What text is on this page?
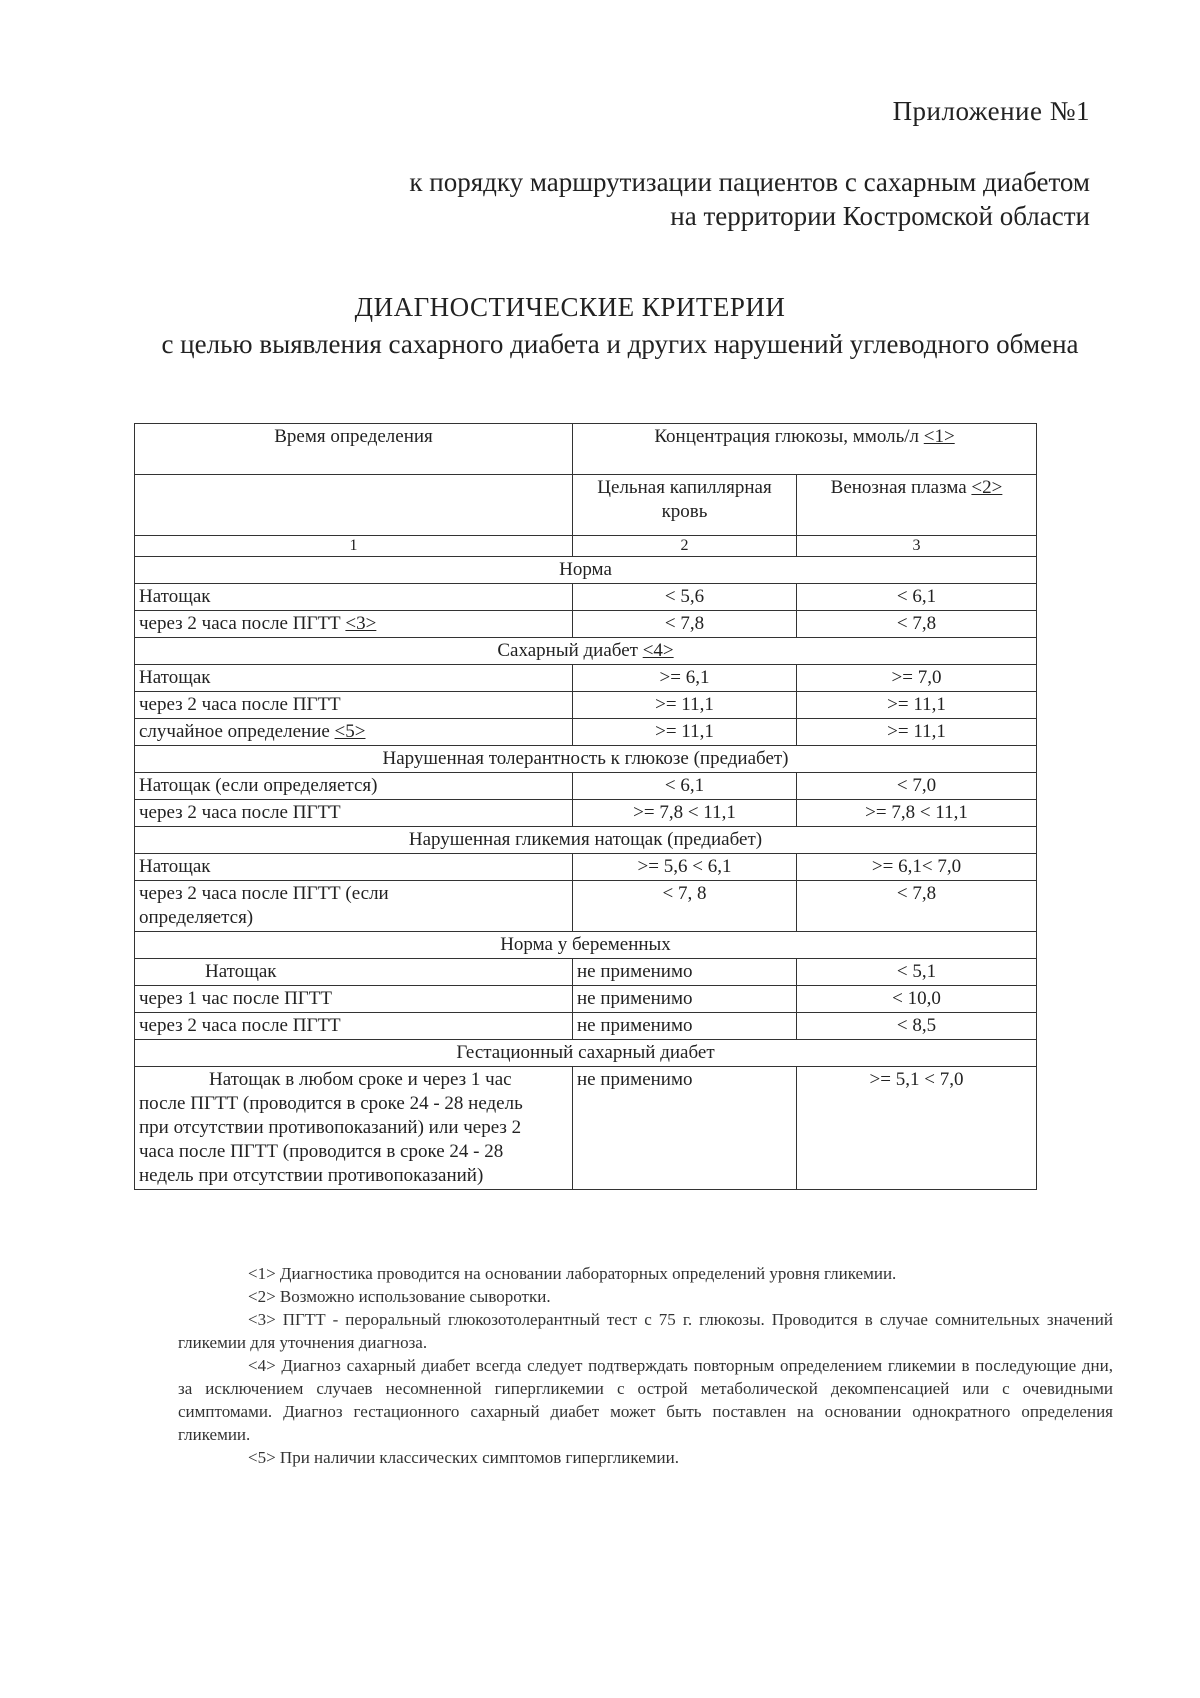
Приложение №1
к порядку маршрутизации пациентов с сахарным диабетом
на территории Костромской области
ДИАГНОСТИЧЕСКИЕ КРИТЕРИИ
с целью выявления сахарного диабета и других нарушений углеводного обмена
Время определения	Концентрация глюкозы, ммоль/л <1>	
	Цельная капиллярная кровь	Венозная плазма <2>
1	2	3
Норма		
Натощак	< 5,6	< 6,1
через 2 часа после ПГТТ <3>	< 7,8	< 7,8
Сахарный диабет <4>		
Натощак	>= 6,1	>= 7,0
через 2 часа после ПГТТ	>= 11,1	>= 11,1
случайное определение <5>	>= 11,1	>= 11,1
Нарушенная толерантность к глюкозе (предиабет)		
Натощак (если определяется)	< 6,1	< 7,0
через 2 часа после ПГТТ	>= 7,8 < 11,1	>= 7,8 < 11,1
Нарушенная гликемия натощак (предиабет)		
Натощак	>= 5,6 < 6,1	>= 6,1< 7,0
через 2 часа после ПГТТ (если определяется)	< 7, 8	< 7,8
Норма у беременных		
Натощак	не применимо	< 5,1
через 1 час после ПГТТ	не применимо	< 10,0
через 2 часа после ПГТТ	не применимо	< 8,5
Гестационный сахарный диабет		
Натощак в любом сроке и через 1 час после ПГТТ (проводится в сроке 24 - 28 недель при отсутствии противопоказаний) или через 2 часа после ПГТТ (проводится в сроке 24 - 28 недель при отсутствии противопоказаний)	не применимо	>= 5,1 < 7,0

<1> Диагностика проводится на основании лабораторных определений уровня гликемии.

<2> Возможно использование сыворотки.

<3> ПГТТ - пероральный глюкозотолерантный тест с 75 г. глюкозы. Проводится в случае сомнительных значений гликемии для уточнения диагноза.

<4> Диагноз сахарный диабет всегда следует подтверждать повторным определением гликемии в последующие дни, за исключением случаев несомненной гипергликемии с острой метаболической декомпенсацией или с очевидными симптомами. Диагноз гестационного сахарный диабет может быть поставлен на основании однократного определения гликемии.

<5> При наличии классических симптомов гипергликемии.
